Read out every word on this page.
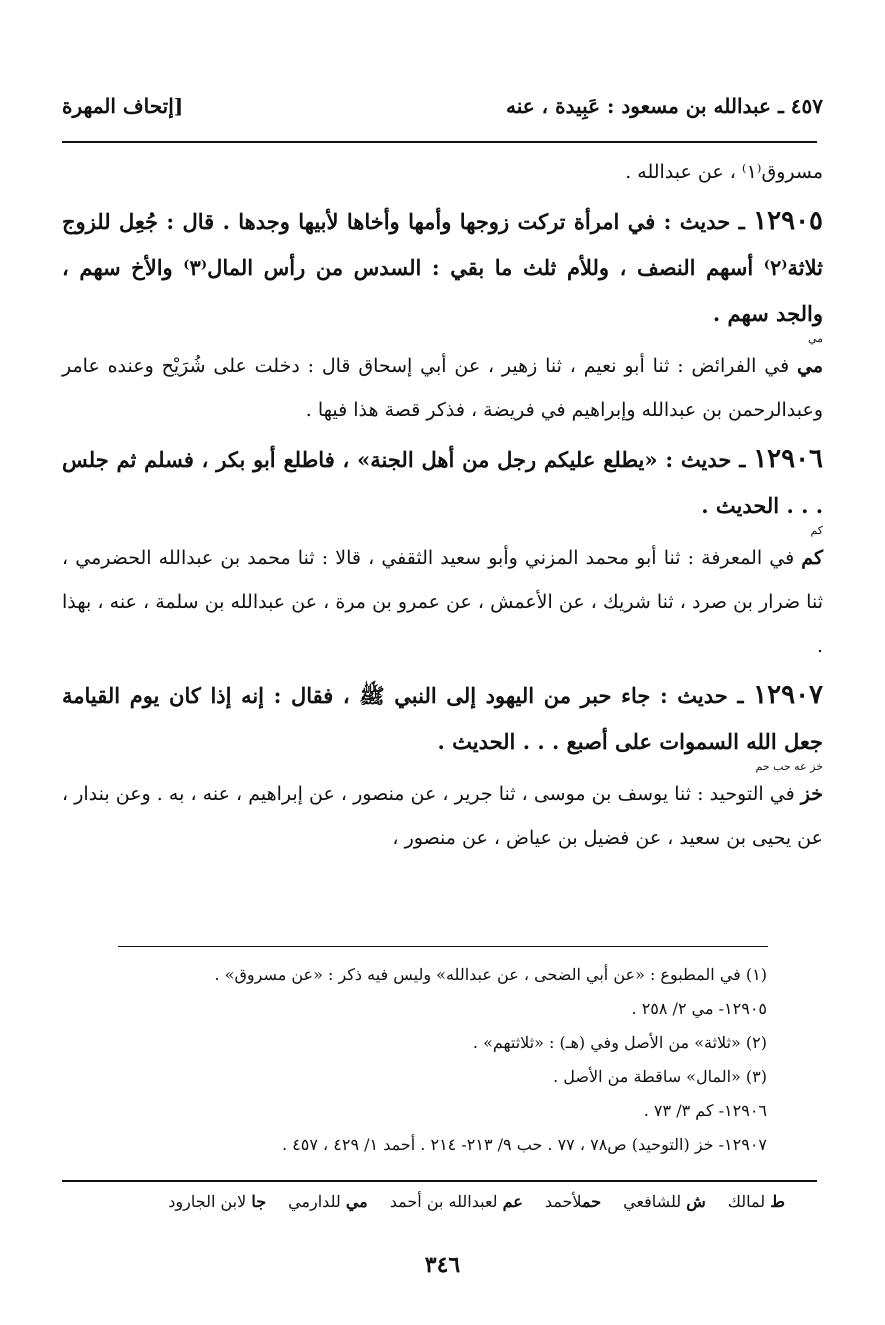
٤٥٧ ـ عبدالله بن مسعود : عَبِيدة ، عنه
[إتحاف المهرة

مسروق⁽١⁾ ، عن عبدالله .

١٢٩٠٥ ـ حديث : في امرأة تركت زوجها وأمها وأخاها لأبيها وجدها . قال : جُعِل للزوج ثلاثة⁽٢⁾ أسهم النصف ، وللأم ثلث ما بقي : السدس من رأس المال⁽٣⁾ والأخ سهم ، والجد سهم .

مي

مي في الفرائض : ثنا أبو نعيم ، ثنا زهير ، عن أبي إسحاق قال : دخلت على شُرَيْح وعنده عامر وعبدالرحمن بن عبدالله وإبراهيم في فريضة ، فذكر قصة هذا فيها .

١٢٩٠٦ ـ حديث : «يطلع عليكم رجل من أهل الجنة» ، فاطلع أبو بكر ، فسلم ثم جلس . . . الحديث .

كم

كم في المعرفة : ثنا أبو محمد المزني وأبو سعيد الثقفي ، قالا : ثنا محمد بن عبدالله الحضرمي ، ثنا ضرار بن صرد ، ثنا شريك ، عن الأعمش ، عن عمرو بن مرة ، عن عبدالله بن سلمة ، عنه ، بهذا .

١٢٩٠٧ ـ حديث : جاء حبر من اليهود إلى النبي ﷺ ، فقال : إنه إذا كان يوم القيامة جعل الله السموات على أصبع . . . الحديث .

خز عه حب حم

خز في التوحيد : ثنا يوسف بن موسى ، ثنا جرير ، عن منصور ، عن إبراهيم ، عنه ، به . وعن بندار ، عن يحيى بن سعيد ، عن فضيل بن عياض ، عن منصور ،

(١) في المطبوع : «عن أبي الضحى ، عن عبدالله» وليس فيه ذكر : «عن مسروق» .

١٢٩٠٥- مي ٢/ ٢٥٨ .

(٢) «ثلاثة» من الأصل وفي (هـ) : «ثلاثتهم» .

(٣) «المال» ساقطة من الأصل .

١٢٩٠٦- كم ٣/ ٧٣ .

١٢٩٠٧- خز (التوحيد) ص٧٨ ، ٧٧ . حب ٩/ ٢١٣- ٢١٤ . أحمد ١/ ٤٢٩ ، ٤٥٧ .

ط لمالك
ش للشافعي
حملأحمد
عم لعبدالله بن أحمد
مي للدارمي
جا لابن الجارود
٣٤٦
